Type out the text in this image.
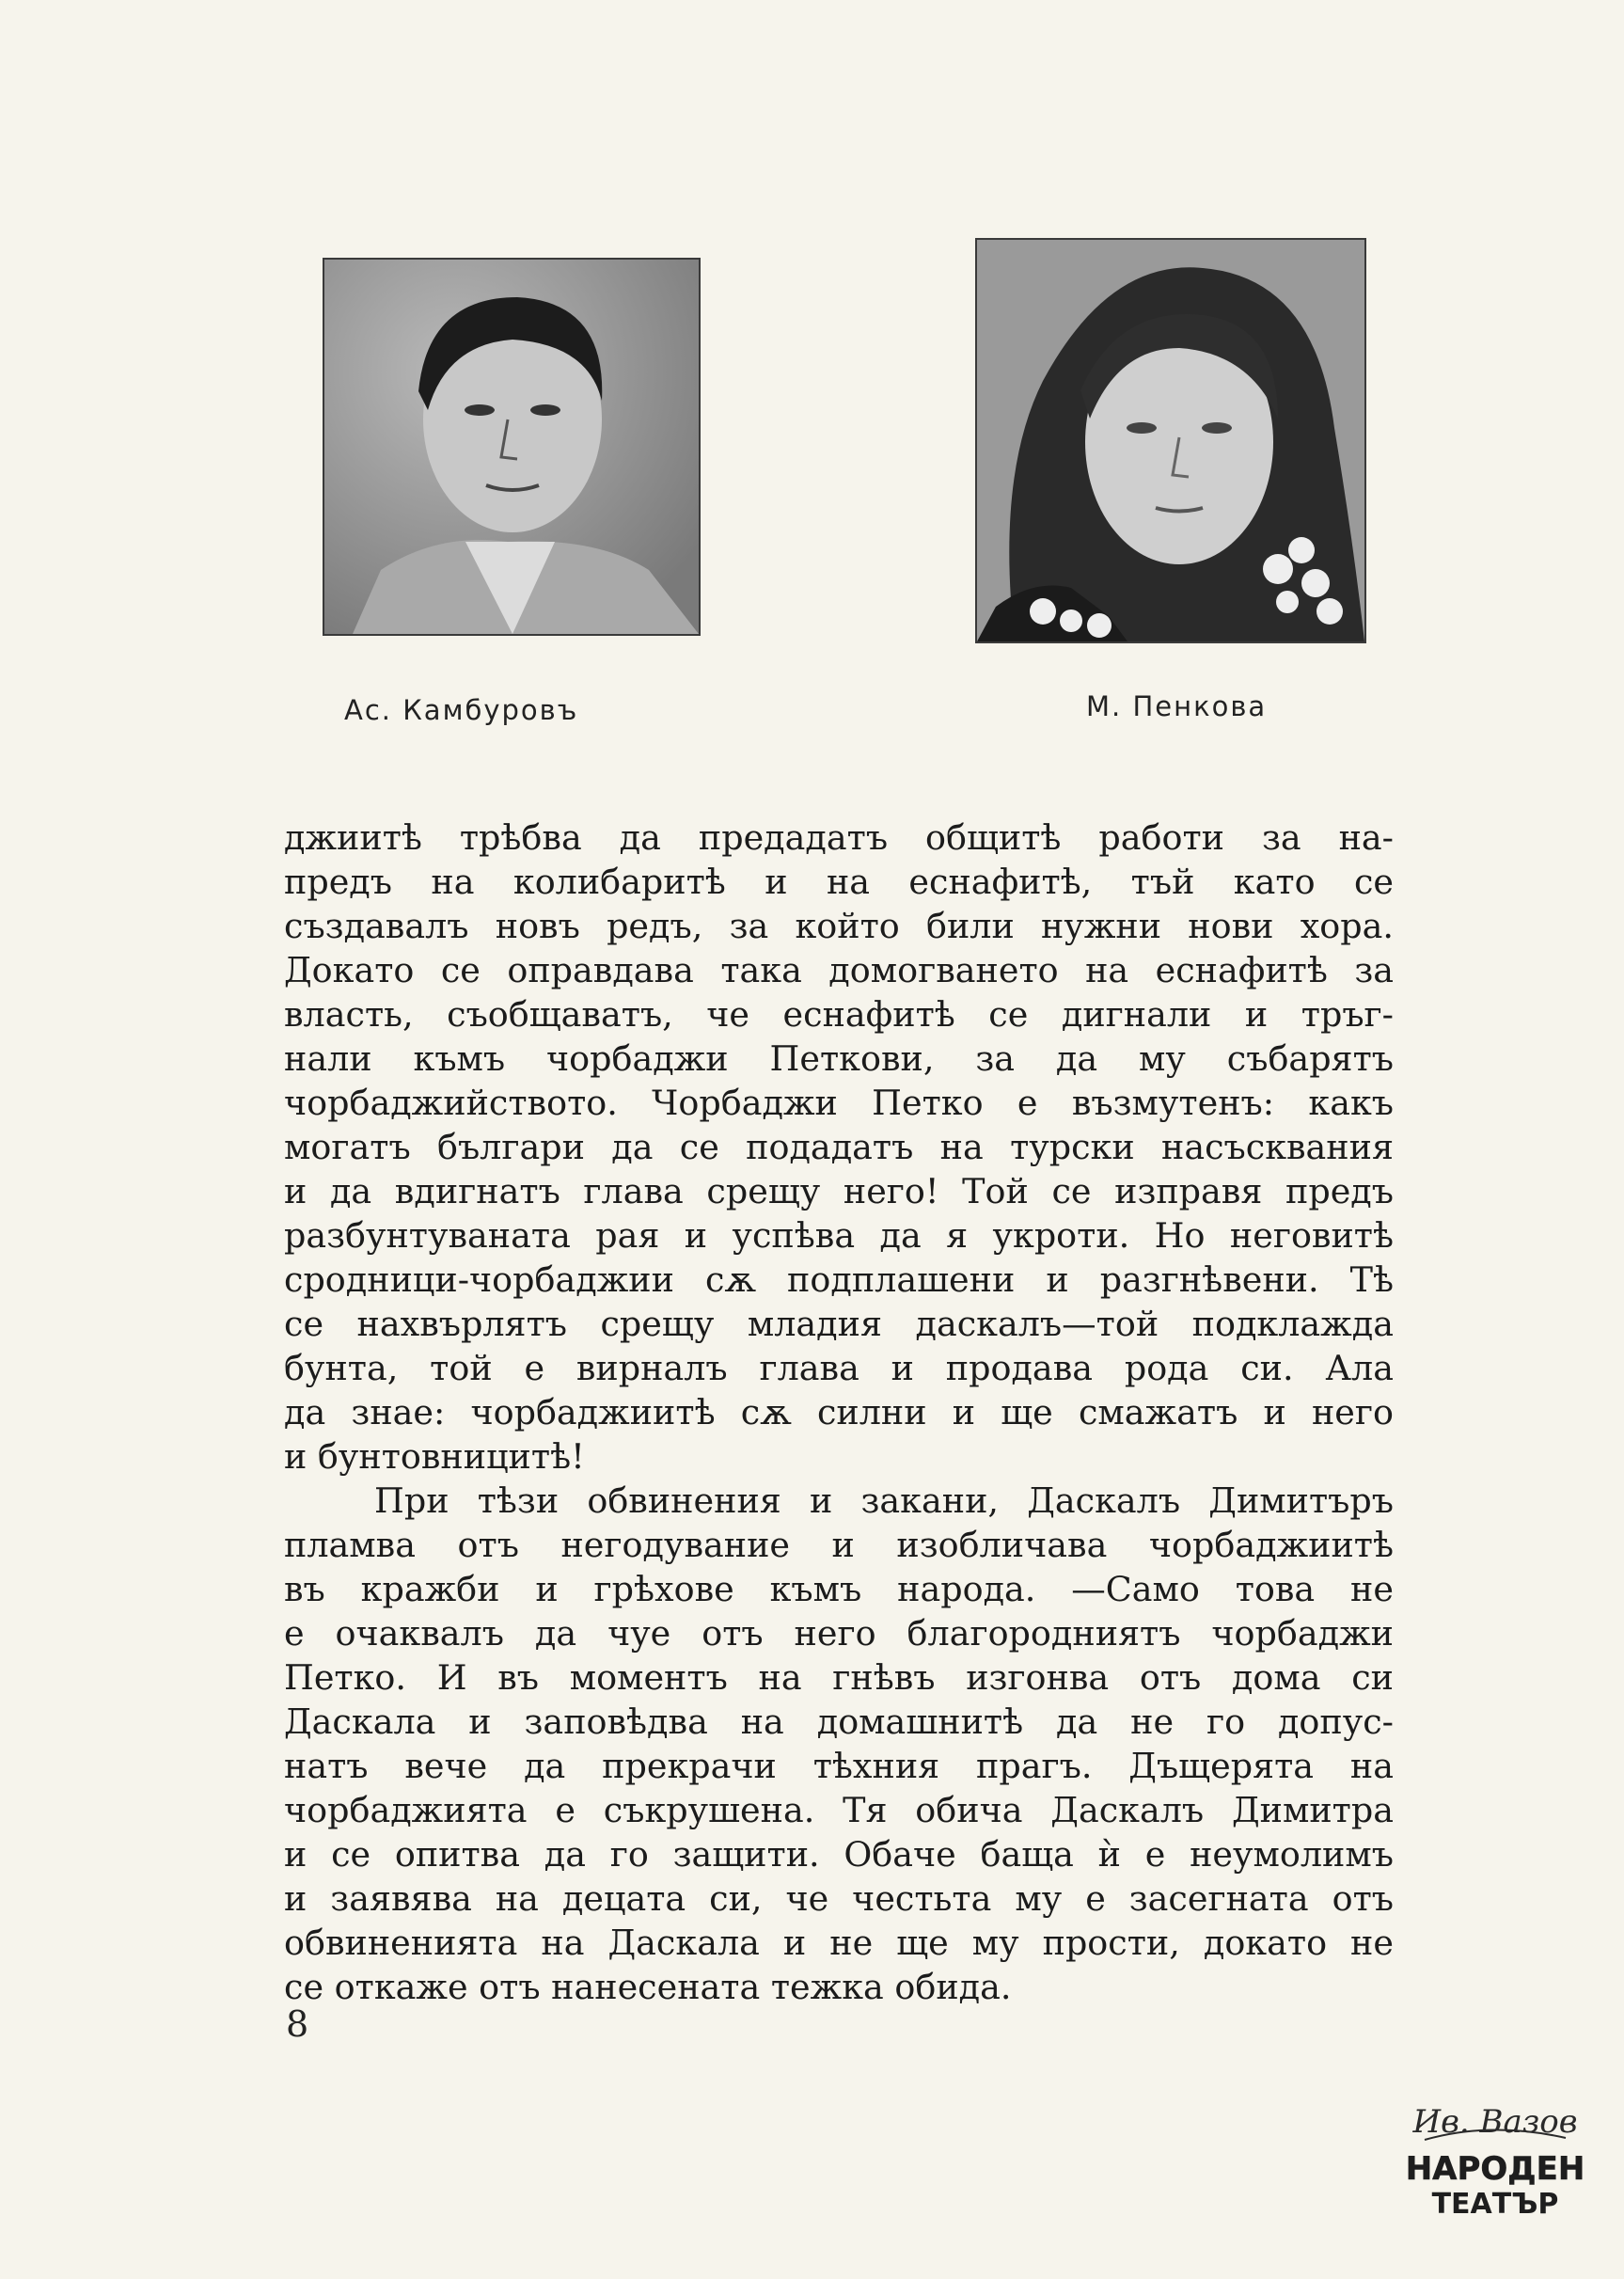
Ас. Камбуровъ	М. Пенкова
джиитѣ трѣбва да предадатъ общитѣ работи за на-
предъ на колибаритѣ и на еснафитѣ, тъй като се
създавалъ новъ редъ, за който били нужни нови хора.
Докато се оправдава така домогването на еснафитѣ за
власть, съобщаватъ, че еснафитѣ се дигнали и тръг-
нали къмъ чорбаджи Петкови, за да му събарятъ
чорбаджийството. Чорбаджи Петко е възмутенъ: какъ
могатъ българи да се подадатъ на турски насъсквания
и да вдигнатъ глава срещу него! Той се изправя предъ
разбунтуваната рая и успѣва да я укроти. Но неговитѣ
сродници-чорбаджии сѫ подплашени и разгнѣвени. Тѣ
се нахвърлятъ срещу младия даскалъ—той подклажда
бунта, той е вирналъ глава и продава рода си. Ала
да знае: чорбаджиитѣ сѫ силни и ще смажатъ и него
и бунтовницитѣ!
При тѣзи обвинения и закани, Даскалъ Димитъръ
пламва отъ негодувание и изобличава чорбаджиитѣ
въ кражби и грѣхове къмъ народа. —Само това не
е очаквалъ да чуе отъ него благородниятъ чорбаджи
Петко. И въ моментъ на гнѣвъ изгонва отъ дома си
Даскала и заповѣдва на домашнитѣ да не го допус-
натъ вече да прекрачи тѣхния прагъ. Дъщерята на
чорбаджията е съкрушена. Тя обича Даскалъ Димитра
и се опитва да го защити. Обаче баща ѝ е неумолимъ
и заявява на децата си, че честьта му е засегната отъ
обвиненията на Даскала и не ще му прости, докато не
се откаже отъ нанесената тежка обида.
8
Ив. Вазов
НАРОДЕН
ТЕАТЪР
